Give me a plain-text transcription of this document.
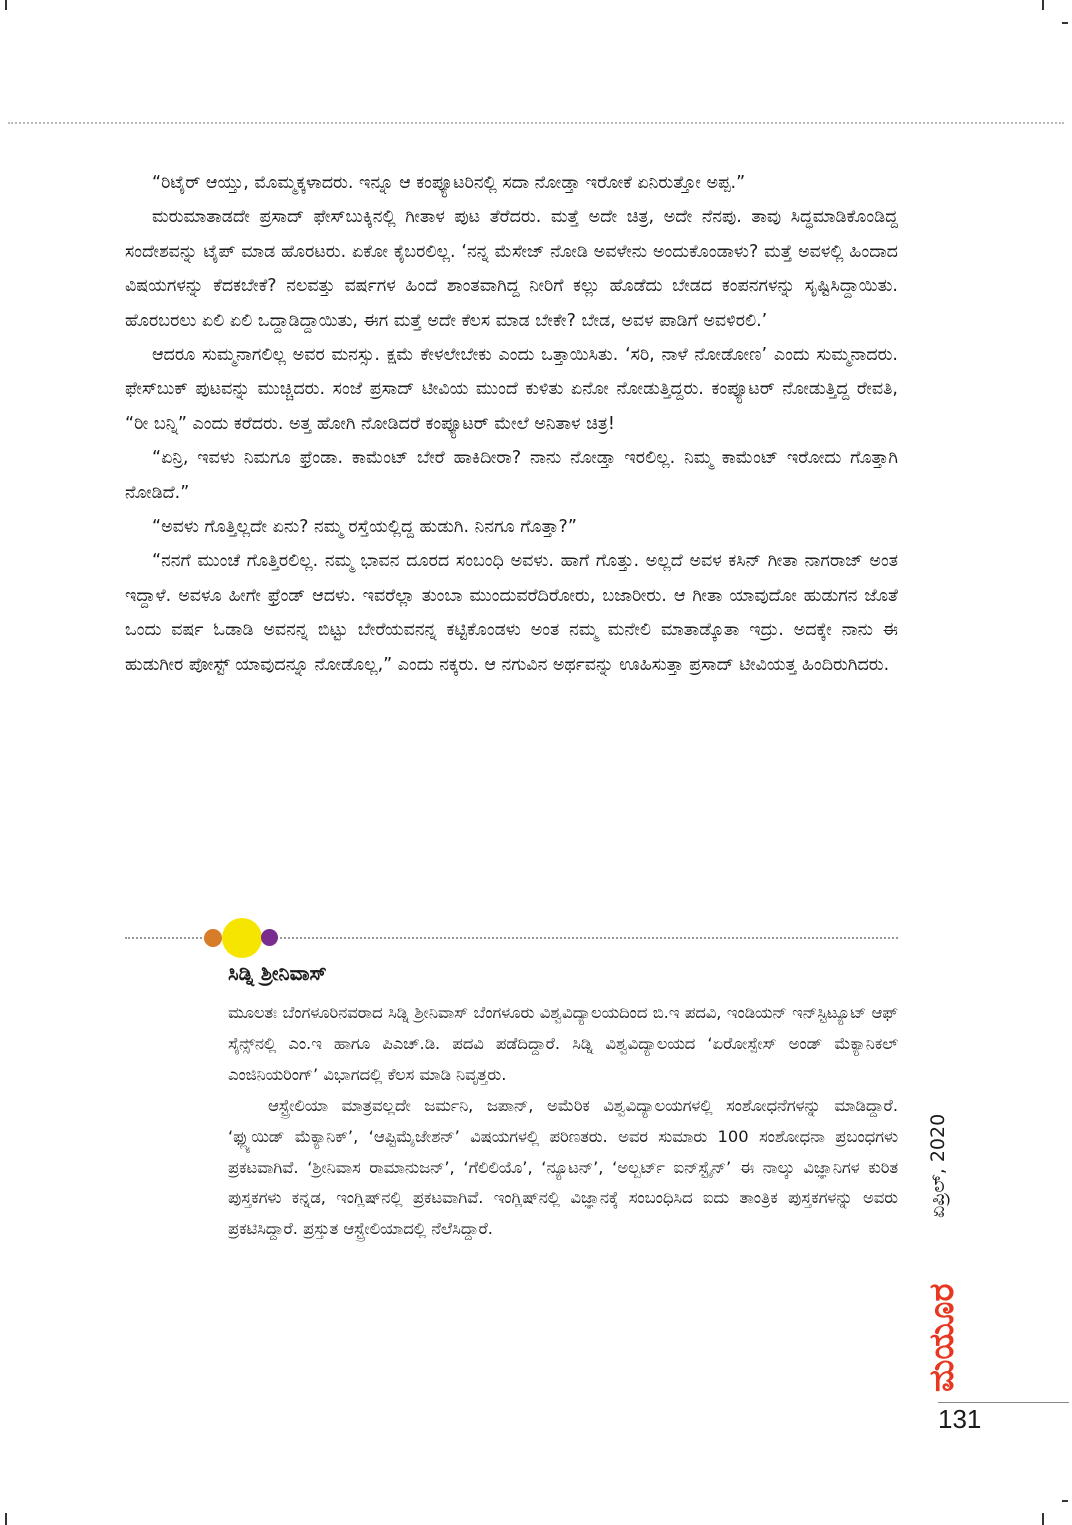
“ರಿಟೈರ್ ಆಯ್ತು, ಮೊಮ್ಮಕ್ಕಳಾದರು. ಇನ್ನೂ ಆ ಕಂಪ್ಯೂಟರಿನಲ್ಲಿ ಸದಾ ನೋಡ್ತಾ ಇರೋಕೆ ಏನಿರುತ್ತೋ ಅಪ್ಪ.”

ಮರುಮಾತಾಡದೇ ಪ್ರಸಾದ್ ಫೇಸ್‌ಬುಕ್ಕಿನಲ್ಲಿ ಗೀತಾಳ ಪುಟ ತೆರೆದರು. ಮತ್ತೆ ಅದೇ ಚಿತ್ರ, ಅದೇ ನೆನಪು. ತಾವು ಸಿದ್ಧಮಾಡಿಕೊಂಡಿದ್ದ ಸಂದೇಶವನ್ನು ಟೈಪ್ ಮಾಡ ಹೊರಟರು. ಏಕೋ ಕೈಬರಲಿಲ್ಲ. ‘ನನ್ನ ಮೆಸೇಜ್ ನೋಡಿ ಅವಳೇನು ಅಂದುಕೊಂಡಾಳು? ಮತ್ತೆ ಅವಳಲ್ಲಿ ಹಿಂದಾದ ವಿಷಯಗಳನ್ನು ಕೆದಕಬೇಕೆ? ನಲವತ್ತು ವರ್ಷಗಳ ಹಿಂದೆ ಶಾಂತವಾಗಿದ್ದ ನೀರಿಗೆ ಕಲ್ಲು ಹೊಡೆದು ಬೇಡದ ಕಂಪನಗಳನ್ನು ಸೃಷ್ಟಿಸಿದ್ದಾಯಿತು. ಹೊರಬರಲು ಏಲಿ ಏಲಿ ಒದ್ದಾಡಿದ್ದಾಯಿತು, ಈಗ ಮತ್ತೆ ಅದೇ ಕೆಲಸ ಮಾಡ ಬೇಕೇ? ಬೇಡ, ಅವಳ ಪಾಡಿಗೆ ಅವಳಿರಲಿ.’

ಆದರೂ ಸುಮ್ಮನಾಗಲಿಲ್ಲ ಅವರ ಮನಸ್ಸು. ಕ್ಷಮೆ ಕೇಳಲೇಬೇಕು ಎಂದು ಒತ್ತಾಯಿಸಿತು. ‘ಸರಿ, ನಾಳೆ ನೋಡೋಣ’ ಎಂದು ಸುಮ್ಮನಾದರು. ಫೇಸ್‌ಬುಕ್ ಪುಟವನ್ನು ಮುಚ್ಚಿದರು. ಸಂಜೆ ಪ್ರಸಾದ್ ಟೀವಿಯ ಮುಂದೆ ಕುಳಿತು ಏನೋ ನೋಡುತ್ತಿದ್ದರು. ಕಂಪ್ಯೂಟರ್ ನೋಡುತ್ತಿದ್ದ ರೇವತಿ, “ರೀ ಬನ್ನಿ” ಎಂದು ಕರೆದರು. ಅತ್ತ ಹೋಗಿ ನೋಡಿದರೆ ಕಂಪ್ಯೂಟರ್ ಮೇಲೆ ಅನಿತಾಳ ಚಿತ್ರ!

“ಏನ್ರಿ, ಇವಳು ನಿಮಗೂ ಫ್ರೆಂಡಾ. ಕಾಮೆಂಟ್ ಬೇರೆ ಹಾಕಿದೀರಾ? ನಾನು ನೋಡ್ತಾ ಇರಲಿಲ್ಲ. ನಿಮ್ಮ ಕಾಮೆಂಟ್ ಇರೋದು ಗೊತ್ತಾಗಿ ನೋಡಿದೆ.”

“ಅವಳು ಗೊತ್ತಿಲ್ಲದೇ ಏನು? ನಮ್ಮ ರಸ್ತೆಯಲ್ಲಿದ್ದ ಹುಡುಗಿ. ನಿನಗೂ ಗೊತ್ತಾ?”

“ನನಗೆ ಮುಂಚೆ ಗೊತ್ತಿರಲಿಲ್ಲ. ನಮ್ಮ ಭಾವನ ದೂರದ ಸಂಬಂಧಿ ಅವಳು. ಹಾಗೆ ಗೊತ್ತು. ಅಲ್ಲದೆ ಅವಳ ಕಸಿನ್ ಗೀತಾ ನಾಗರಾಜ್ ಅಂತ ಇದ್ದಾಳೆ. ಅವಳೂ ಹೀಗೇ ಫ್ರೆಂಡ್ ಆದಳು. ಇವರೆಲ್ಲಾ ತುಂಬಾ ಮುಂದುವರೆದಿರೋರು, ಬಜಾರೀರು. ಆ ಗೀತಾ ಯಾವುದೋ ಹುಡುಗನ ಜೊತೆ ಒಂದು ವರ್ಷ ಓಡಾಡಿ ಅವನನ್ನ ಬಿಟ್ಟು ಬೇರೆಯವನನ್ನ ಕಟ್ಟಿಕೊಂಡಳು ಅಂತ ನಮ್ಮ ಮನೇಲಿ ಮಾತಾಡ್ಕೊತಾ ಇದ್ರು. ಅದಕ್ಕೇ ನಾನು ಈ ಹುಡುಗೀರ ಪೋಸ್ಟ್ ಯಾವುದನ್ನೂ ನೋಡೊಲ್ಲ,” ಎಂದು ನಕ್ಕರು. ಆ ನಗುವಿನ ಅರ್ಥವನ್ನು ಊಹಿಸುತ್ತಾ ಪ್ರಸಾದ್ ಟೀವಿಯತ್ತ ಹಿಂದಿರುಗಿದರು.

ಸಿಡ್ನಿ ಶ್ರೀನಿವಾಸ್

ಮೂಲತಃ ಬೆಂಗಳೂರಿನವರಾದ ಸಿಡ್ನಿ ಶ್ರೀನಿವಾಸ್ ಬೆಂಗಳೂರು ವಿಶ್ವವಿದ್ಯಾಲಯದಿಂದ ಬಿ.ಇ ಪದವಿ, ಇಂಡಿಯನ್ ಇನ್‌ಸ್ಟಿಟ್ಯೂಟ್ ಆಫ್ ಸೈನ್ಸ್‌ನಲ್ಲಿ ಎಂ.ಇ ಹಾಗೂ ಪಿಎಚ್.ಡಿ. ಪದವಿ ಪಡೆದಿದ್ದಾರೆ. ಸಿಡ್ನಿ ವಿಶ್ವವಿದ್ಯಾಲಯದ ‘ಏರೋಸ್ಪೇಸ್ ಅಂಡ್ ಮೆಕ್ಯಾನಿಕಲ್ ಎಂಜಿನಿಯರಿಂಗ್’ ವಿಭಾಗದಲ್ಲಿ ಕೆಲಸ ಮಾಡಿ ನಿವೃತ್ತರು.

ಆಸ್ಟ್ರೇಲಿಯಾ ಮಾತ್ರವಲ್ಲದೇ ಜರ್ಮನಿ, ಜಪಾನ್, ಅಮೆರಿಕ ವಿಶ್ವವಿದ್ಯಾಲಯಗಳಲ್ಲಿ ಸಂಶೋಧನೆಗಳನ್ನು ಮಾಡಿದ್ದಾರೆ. ‘ಫ್ಲ್ಯುಯಿಡ್ ಮೆಕ್ಯಾನಿಕ್’, ‘ಆಪ್ಟಿಮೈಜೇಶನ್’ ವಿಷಯಗಳಲ್ಲಿ ಪರಿಣತರು. ಅವರ ಸುಮಾರು 100 ಸಂಶೋಧನಾ ಪ್ರಬಂಧಗಳು ಪ್ರಕಟವಾಗಿವೆ. ‘ಶ್ರೀನಿವಾಸ ರಾಮಾನುಜನ್’, ‘ಗೆಲಿಲಿಯೊ’, ‘ನ್ಯೂಟನ್’, ‘ಅಲ್ಬರ್ಟ್ ಐನ್‌ಸ್ಟೈನ್’ ಈ ನಾಲ್ಕು ವಿಜ್ಞಾನಿಗಳ ಕುರಿತ ಪುಸ್ತಕಗಳು ಕನ್ನಡ, ಇಂಗ್ಲಿಷ್‌ನಲ್ಲಿ ಪ್ರಕಟವಾಗಿವೆ. ಇಂಗ್ಲಿಷ್‌ನಲ್ಲಿ ವಿಜ್ಞಾನಕ್ಕೆ ಸಂಬಂಧಿಸಿದ ಐದು ತಾಂತ್ರಿಕ ಪುಸ್ತಕಗಳನ್ನು ಅವರು ಪ್ರಕಟಿಸಿದ್ದಾರೆ. ಪ್ರಸ್ತುತ ಆಸ್ಟ್ರೇಲಿಯಾದಲ್ಲಿ ನೆಲೆಸಿದ್ದಾರೆ.

ಏಪ್ರಿಲ್, 2020
ಮಯೂರ
131
